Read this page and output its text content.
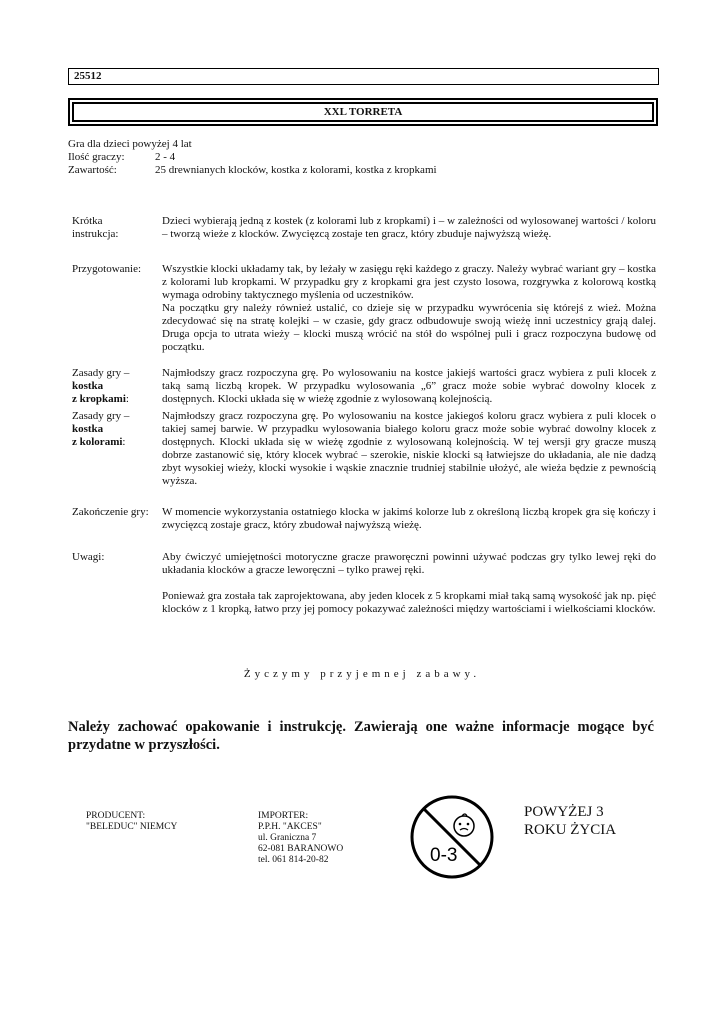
25512
XXL TORRETA
Gra dla dzieci powyżej 4 lat
Ilość graczy:	2 - 4
Zawartość:	25 drewnianych klocków, kostka z kolorami, kostka z kropkami
Krótka
instrukcja:

Dzieci wybierają jedną z kostek (z kolorami lub z kropkami) i – w zależności od wylosowanej wartości / koloru – tworzą wieże z klocków. Zwycięzcą zostaje ten gracz, który zbuduje najwyższą wieżę.

Przygotowanie:	Wszystkie klocki układamy tak, by leżały w zasięgu ręki każdego z graczy. Należy wybrać wariant gry – kostka z kolorami lub kropkami. W przypadku gry z kropkami gra jest czysto losowa, rozgrywka z kolorową kostką wymaga odrobiny taktycznego myślenia od uczestników.

Na początku gry należy również ustalić, co dzieje się w przypadku wywrócenia się którejś z wież. Można zdecydować się na stratę kolejki – w czasie, gdy gracz odbudowuje swoją wieżę inni uczestnicy grają dalej. Druga opcja to utrata wieży – klocki muszą wrócić na stół do wspólnej puli i gracz rozpoczyna budowę od początku.

Zasady gry –
kostka
z kropkami:

Najmłodszy gracz rozpoczyna grę. Po wylosowaniu na kostce jakiejś wartości gracz wybiera z puli klocek z taką samą liczbą kropek. W przypadku wylosowania „6” gracz może sobie wybrać dowolny klocek z dostępnych. Klocki układa się w wieżę zgodnie z wylosowaną kolejnością.

Zasady gry –
kostka
z kolorami:

Najmłodszy gracz rozpoczyna grę. Po wylosowaniu na kostce jakiegoś koloru gracz wybiera z puli klocek o takiej samej barwie. W przypadku wylosowania białego koloru gracz może sobie wybrać dowolny klocek z dostępnych. Klocki układa się w wieżę zgodnie z wylosowaną kolejnością. W tej wersji gry gracze muszą dobrze zastanowić się, który klocek wybrać – szerokie, niskie klocki są łatwiejsze do układania, ale nie dadzą zbyt wysokiej wieży, klocki wysokie i wąskie znacznie trudniej stabilnie ułożyć, ale wieża będzie z pewnością wyższa.

Zakończenie gry:	W momencie wykorzystania ostatniego klocka w jakimś kolorze lub z określoną liczbą kropek gra się kończy i zwycięzcą zostaje gracz, który zbudował najwyższą wieżę.

Uwagi:	Aby ćwiczyć umiejętności motoryczne gracze praworęczni powinni używać podczas gry tylko lewej ręki do układania klocków a gracze leworęczni – tylko prawej ręki.

Ponieważ gra została tak zaprojektowana, aby jeden klocek z 5 kropkami miał taką samą wysokość jak np. pięć klocków z 1 kropką, łatwo przy jej pomocy pokazywać zależności między wartościami i wielkościami klocków.

Życzymy przyjemnej zabawy.
Należy zachować opakowanie i instrukcję. Zawierają one ważne informacje mogące być przydatne w przyszłości.
PRODUCENT:
"BELEDUC" NIEMCY
IMPORTER:
P.P.H. "AKCES"
ul. Graniczna 7
62-081 BARANOWO
tel. 061 814-20-82	0-3
POWYŻEJ 3
ROKU ŻYCIA
